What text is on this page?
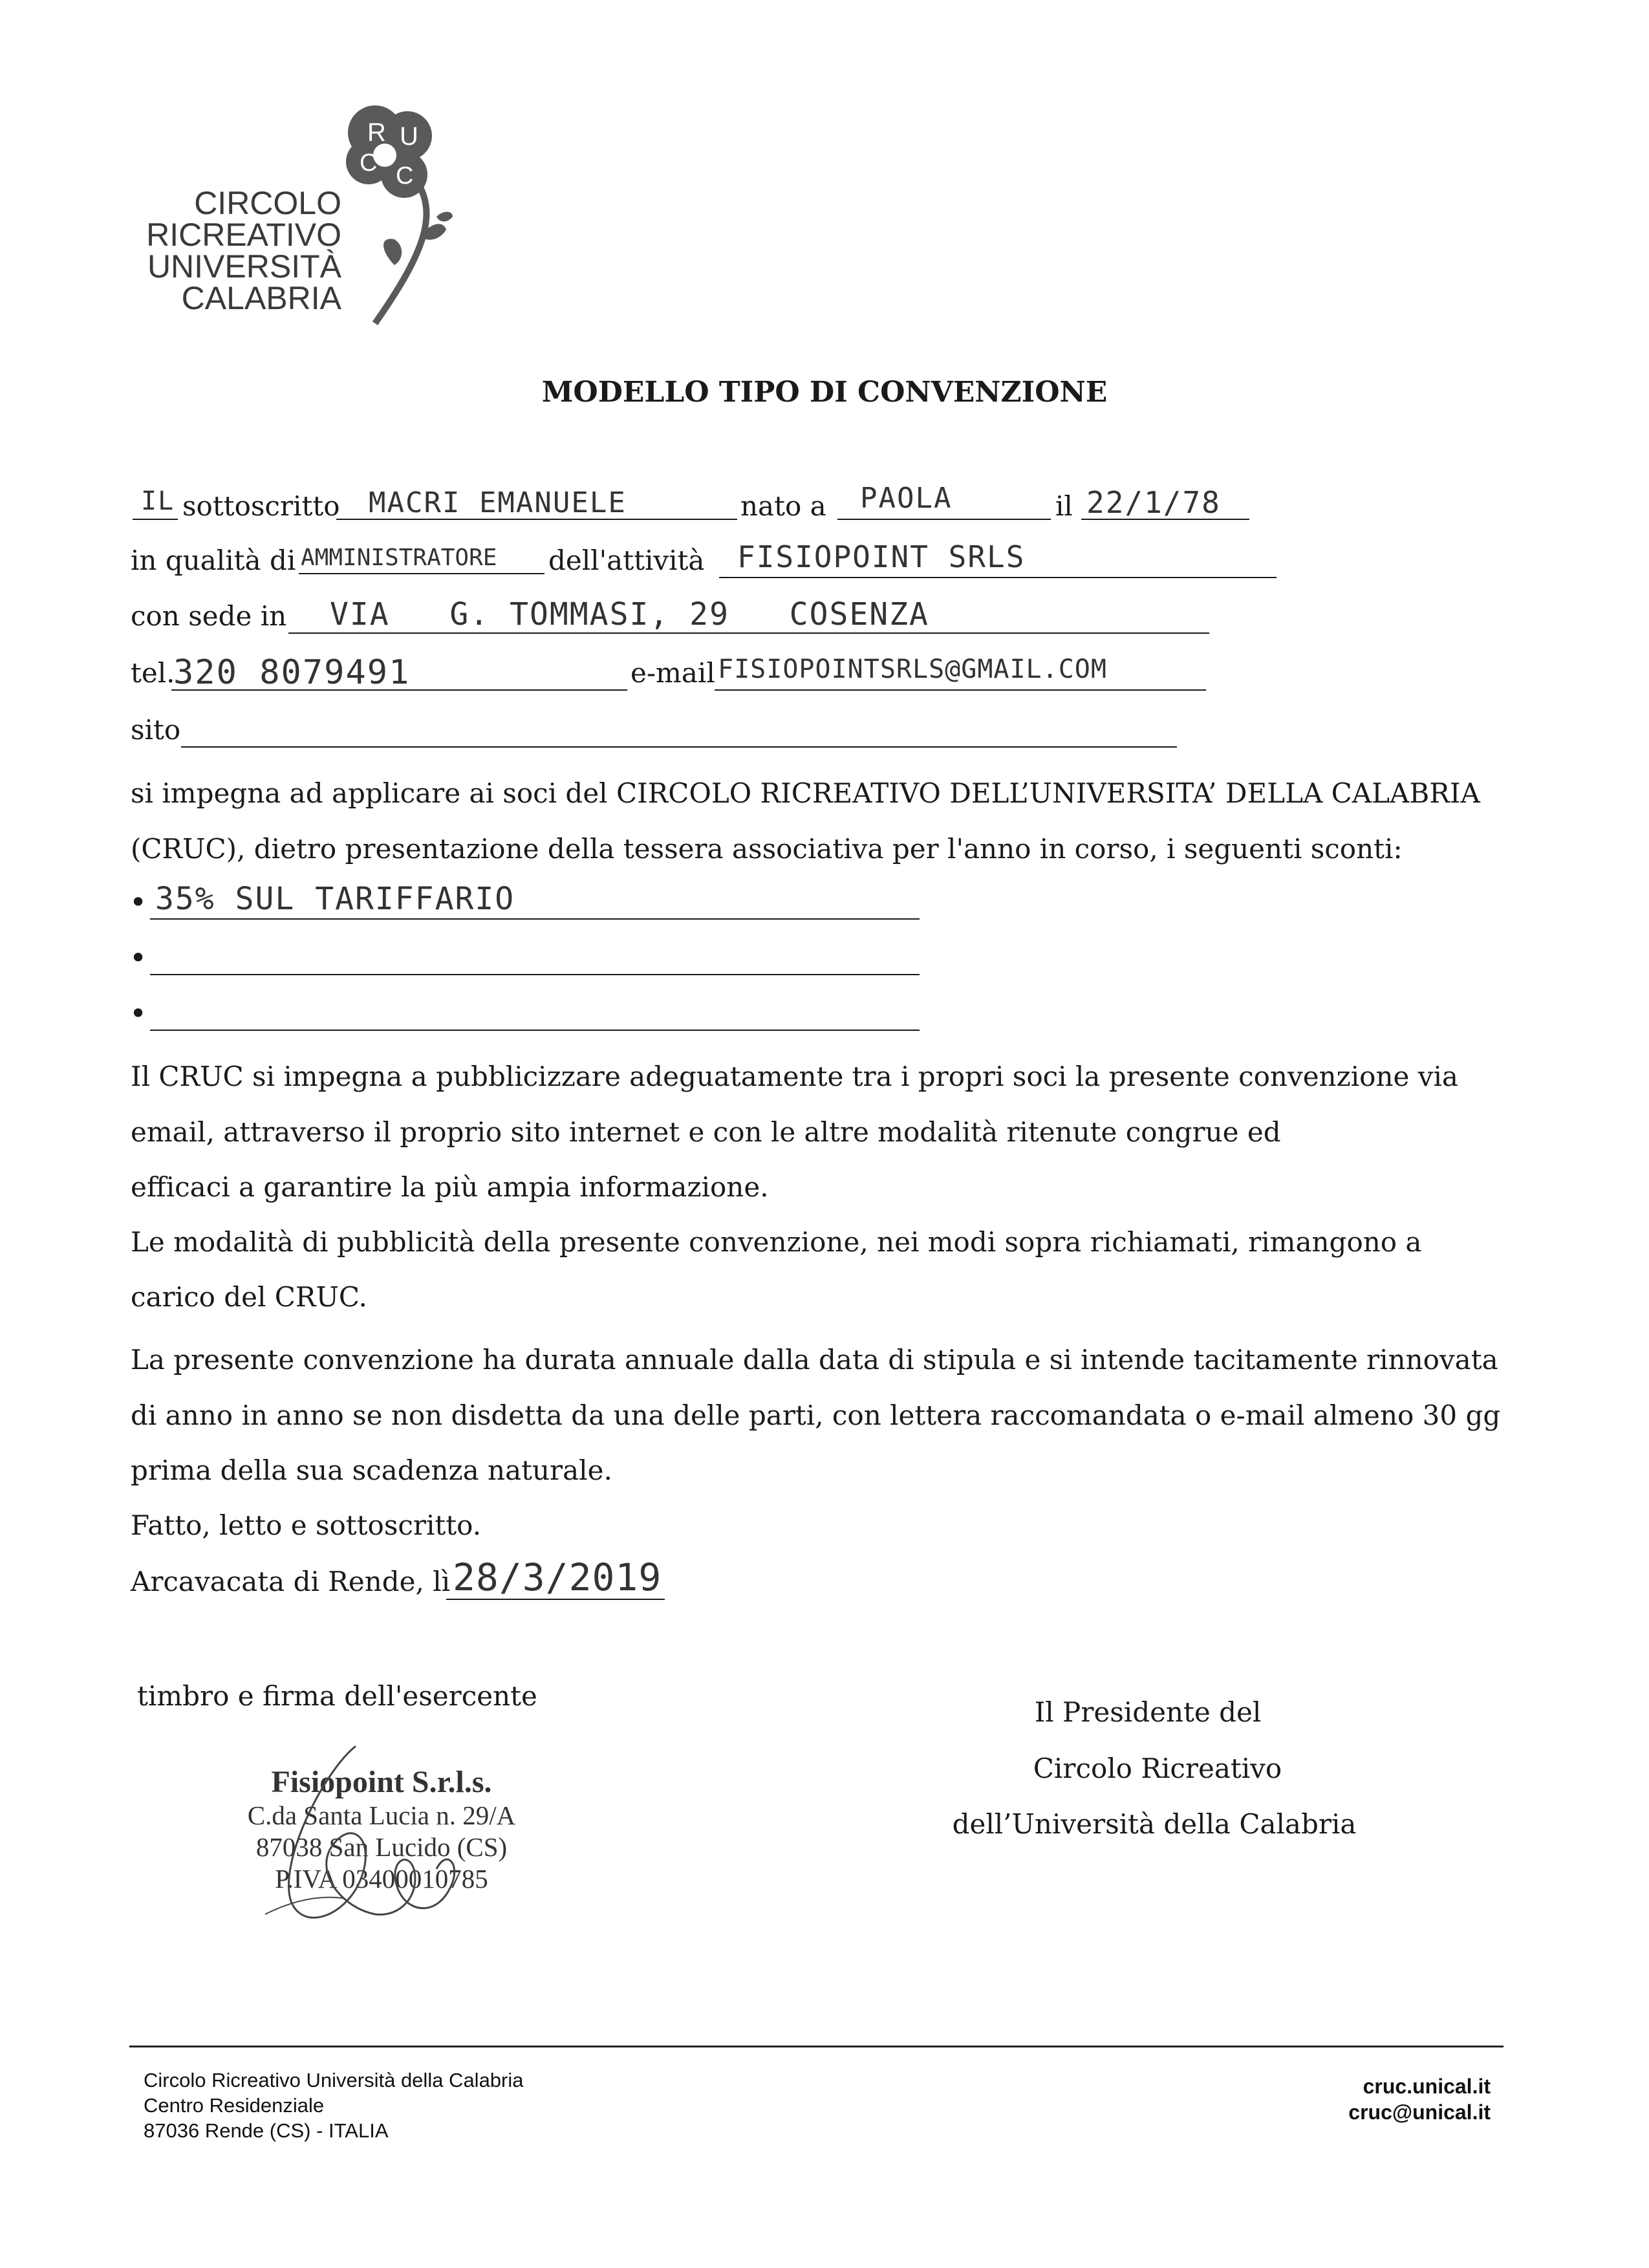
CIRCOLO
RICREATIVO
UNIVERSITÀ
CALABRIA
R U
C C
MODELLO TIPO DI CONVENZIONE
IL sottoscritto MACRI EMANUELE	nato a PAOLA	il 22/1/78
in qualità di AMMINISTRATORE dell'attività FISIOPOINT SRLS
con sede in VIA   G. TOMMASI, 29   COSENZA
tel.
320 8079491	e-mail FISIOPOINTSRLS@GMAIL.COM
sito
si impegna ad applicare ai soci del CIRCOLO RICREATIVO DELL’UNIVERSITA’ DELLA CALABRIA
(CRUC), dietro presentazione della tessera associativa per l'anno in corso, i seguenti sconti:
• 35% SUL TARIFFARIO
•
•
Il CRUC si impegna a pubblicizzare adeguatamente tra i propri soci la presente convenzione via
email, attraverso il proprio sito internet e con le altre modalità ritenute congrue ed
efficaci a garantire la più ampia informazione.
Le modalità di pubblicità della presente convenzione, nei modi sopra richiamati, rimangono a
carico del CRUC.
La presente convenzione ha durata annuale dalla data di stipula e si intende tacitamente rinnovata
di anno in anno se non disdetta da una delle parti, con lettera raccomandata o e-mail almeno 30 gg
prima della sua scadenza naturale.
Fatto, letto e sottoscritto.
Arcavacata di Rende, lì 28/3/2019
timbro e firma dell'esercente
Fisiopoint S.r.l.s.
C.da Santa Lucia n. 29/A
87038 San Lucido (CS)
P.IVA 03400010785
Il Presidente del
Circolo Ricreativo
dell’Università della Calabria
Circolo Ricreativo Università della Calabria
Centro Residenziale
87036 Rende (CS) - ITALIA
cruc.unical.it
cruc@unical.it
